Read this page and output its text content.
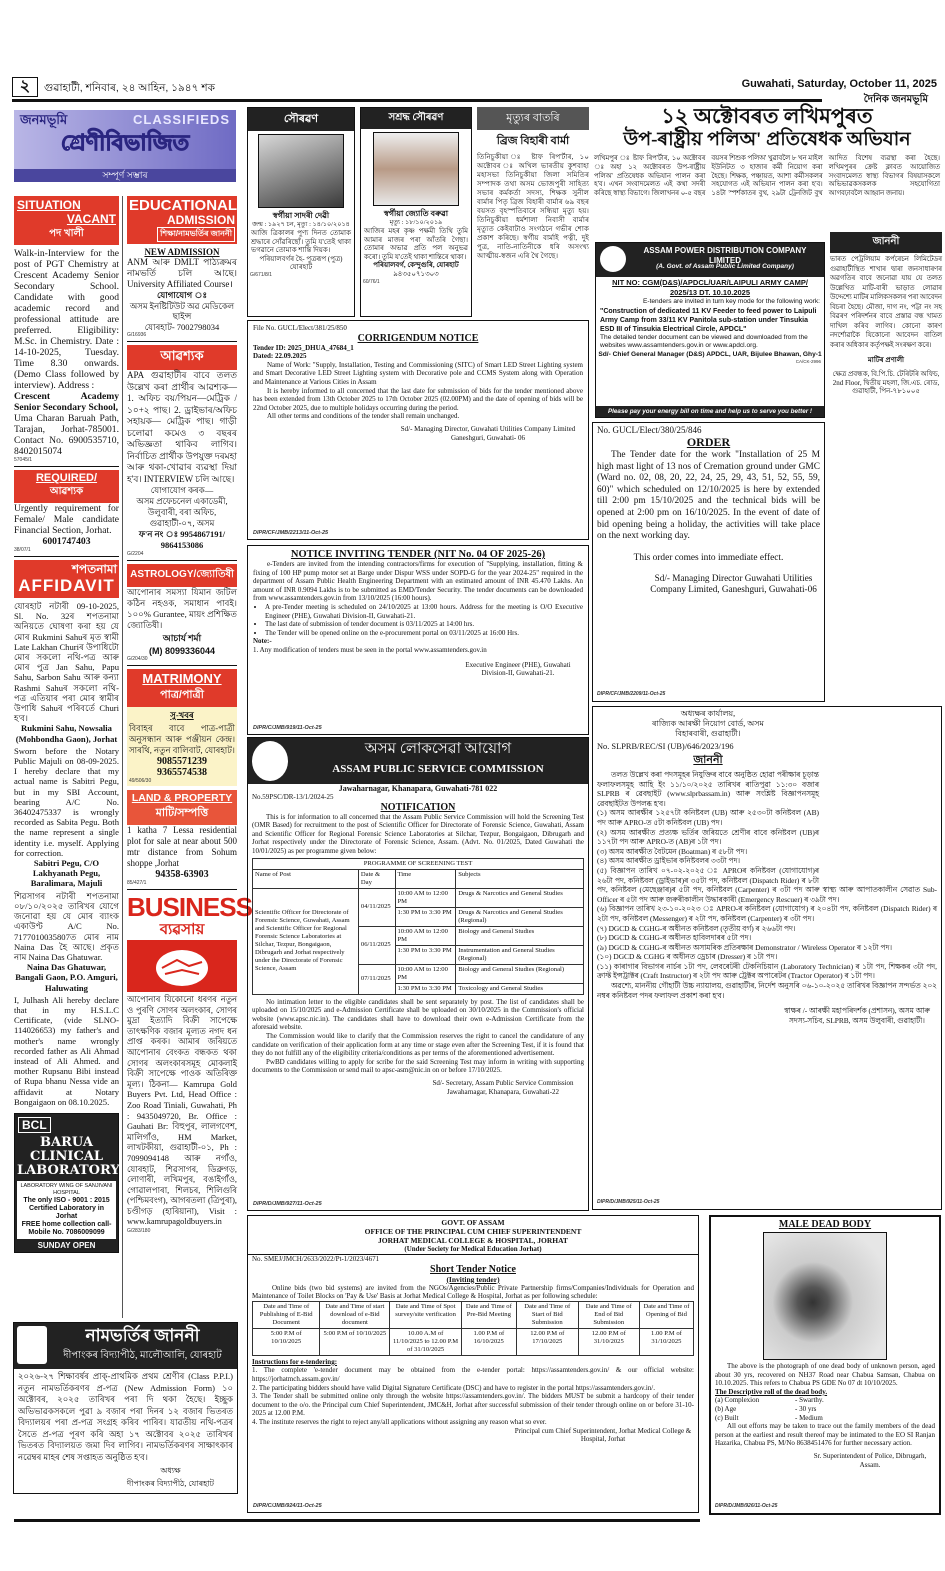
২	গুৱাহাটী, শনিবাৰ, ২৪ আহিন, ১৯৪৭ শক	Guwahati, Saturday, October 11, 2025
দৈনিক জনমভূমি
জনমভূমি	CLASSIFIEDS
শ্ৰেণীবিভাজিত
সম্পূৰ্ণ সম্ভাৰ
SITUATION
VACANT
পদ খালী
Walk-in-Interview for the post of PGT Chemistry at Crescent Academy Senior Secondary School. Candidate with good academic record and professional attitude are preferred. Eligibility: M.Sc. in Chemistry. Date : 14-10-2025, Tuesday. Time 8.30 onwards. (Demo Class followed by interview). Address :
Crescent Academy Senior Secondary School,
Uma Charan Baruah Path, Tarajan, Jorhat-785001. Contact No. 6900535710, 8402015074
57045/1
REQUIRED/
আৱশ্যক
Urgently requirement for Female/ Male candidate Financial Section, Jorhat.
6001747403
38/07/1
শপতনামা
AFFIDAVIT

যোৰহাট নটাৰী 09-10-2025, Sl. No. 32ৰ শপতনামা অনিয়তে ঘোষণা কৰা হয় যে মোৰ Rukmini Sahuৰ মৃত স্বামী Late Lakhan Churiৰ উপাধিটো মোৰ সকলো নথি-পত্ৰ আৰু মোৰ পুত্ৰ Jan Sahu, Papu Sahu, Sarbon Sahu আৰু কন্যা Rashmi Sahuৰ সকলো নথি-পত্ৰ এতিয়াৰ পৰা মোৰ স্বামীৰ উপাধি Sahuৰ পৰিবৰ্তে Churi হ'ব।

Rukmini Sahu, Nowsalia (Mohbondha Gaon), Jorhat

Sworn before the Notary Public Majuli on 08-09-2025. I hereby declare that my actual name is Sabitri Pegu, but in my SBI Account, bearing A/C No. 36402475337 is wrongly recorded as Sabita Pegu. Both the name represent a single identity i.e. myself. Applying for correction.

Sabitri Pegu, C/O Lakhyanath Pegu, Baralimara, Majuli

শিৱসাগৰ নটাৰী শপতনামা ০৮/১০/২০২৫ তাৰিখৰ যোগে জনোৱা হয় যে মোৰ ব্যাংক একাউণ্ট A/C No. 7177010035807ত মোৰ নাম Naina Das হৈ আছে। প্ৰকৃত নাম Naina Das Ghatuwar.

Naina Das Ghatuwar, Bangali Gaon, P.O. Amguri, Haluwating

I, Julhash Ali hereby declare that in my H.S.L.C Certificate, (vide SLNO-114026653) my father's and mother's name wrongly recorded father as Ali Ahmad instead of Ali Ahmed. and mother Rupsanu Bibi instead of Rupa bhanu Nessa vide an affidavit at Notary Bongaigaon on 08.10.2025.

BCL
BARUA CLINICAL LABORATORY
LABORATORY WING OF SANJIVANI HOSPITAL
The only ISO - 9001 : 2015 Certified Laboratory in Jorhat
FREE home collection call- Mobile No. 7086009099
SUNDAY OPEN
EDUCATIONAL
ADMISSION
শিক্ষা/নামভৰ্তিৰ জাননী
NEW ADMISSION
ANM আৰু DMLT পাঠ্যক্ৰমৰ নামভৰ্তি চলি আছে। University Affiliated Course।
যোগাযোগ ঃ
অসম ইনষ্টিটিউট অৱ মেডিকেল ছাইন্স
যোৰহাট- 7002798034
G/16936
আৱশ্যক
APA গুৱাহাটীৰ বাবে তলত উল্লেখ কৰা প্ৰাৰ্থীৰ আৱশ্যক— 1. অফিচ বয়/পিয়ন—মেট্ৰিক /১০+২ পাছ। 2. ড্ৰাইভাৰ/অফিচ সহায়ক— মেট্ৰিক পাছ। গাড়ী চলোৱা কমেও ৩ বছৰৰ অভিজ্ঞতা থাকিব লাগিব। নিৰ্বাচিত প্ৰাৰ্থীক উপযুক্ত দৰমহা আৰু থকা-খোৱাৰ ব্যৱস্থা দিয়া হ'ব। INTERVIEW চলি আছে।
যোগাযোগ কৰক—
অসম প্ৰফেচনেল একাডেমী, উলুবাৰী, বৰা অফিচ, গুৱাহাটী-০৭, অসম
ফ'ন নং ঃ 9954867191/ 9864153086
G/2204
ASTROLOGY/জ্যোতিষী
আপোনাৰ সমস্যা যিমান জটিল কঠিন নহওক, সমাধান পাবই। ১০০% Gurantee, মায়ং প্ৰশিক্ষিত জ্যোতিষী।
আচাৰ্য শৰ্মা
(M) 8099336044
G/204/30
MATRIMONY
পাত্ৰ/পাত্ৰী
সু-খবৰ
বিবাহৰ বাবে পাত্ৰ-পাত্ৰী অনুসন্ধান আৰু পঞ্জীয়ন কেন্দ্ৰ। সাৰথি, নতুন বালিবাট, যোৰহাট।
9085571239
9365574538
49/506/30
LAND & PROPERTY
মাটি/সম্পত্তি
1 katha 7 Lessa residential plot for sale at near about 500 mtr distance from Sohum shoppe ,Jorhat
94358-63903
85/427/1
BUSINESS
ব্যৱসায়
আপোনাৰ যিকোনো ধৰণৰ নতুন ও পুৰণি সোণৰ অলংকাৰ, সোণৰ মুদ্ৰা ইত্যাদি বিক্ৰী সাপেক্ষে তাৎক্ষণিক বজাৰ মূল্যত নগদ ধন প্ৰাপ্ত কৰক। আমাৰ জৰিয়তে আপোনাৰ বেংকত বন্ধকত থকা সোণৰ অলংকাৰসমূহ মোকলাই বিক্ৰী সাপেক্ষে পাওক অতিৰিক্ত মূল্য। ঠিকনা— Kamrupa Gold Buyers Pvt. Ltd, Head Office : Zoo Road Tiniali, Guwahati, Ph : 9435049720, Br. Office : Gauhati Br: বিহুপুৰ, লালগণেশ, মালিগাঁও, HM Market, লাখটকীয়া, গুৱাহাটী-০১, Ph : 7099094148 আৰু নগাঁও, যোৰহাট, শিৱসাগৰ, ডিব্ৰুগড়, লোণাৰী, লখিমপুৰ, বঙাইগাঁও, গোৱালপাৰা, শিলচৰ, শিলিগুৰি (পশ্চিমবংগ), আগৰতলা (ত্ৰিপুৰা), চণ্ডীগড় (হাৰিয়ানা), Visit : www.kamrupagoldbuyers.in
G/283/180
নামভৰ্তিৰ জাননী
দীপাংকৰ বিদ্যাপীঠ, মালৌআলি, যোৰহাট
২০২৬-২৭ শিক্ষাবৰ্ষৰ প্ৰাক্-প্ৰাথমিক প্ৰথম শ্ৰেণীৰ (Class P.P.I.) নতুন নামভৰ্তিকৰণৰ প্ৰ-পত্ৰ (New Admission Form) ১০ অক্টোবৰ, ২০২৫ তাৰিখৰ পৰা দি থকা হৈছে। ইচ্ছুক অভিভাৱকসকলে পুৱা ৯ বজাৰ পৰা দিনৰ ১২ বজাৰ ভিতৰত বিদ্যালয়ৰ পৰা প্ৰ-পত্ৰ সংগ্ৰহ কৰিব পাৰিব। যাৱতীয় নথি-পত্ৰৰ সৈতে প্ৰ-পত্ৰ পূৰণ কৰি অহা ১৭ অক্টোবৰ ২০২৫ তাৰিখৰ ভিতৰত বিদ্যালয়ত জমা দিব লাগিব। নামভৰ্তিকৰণৰ সাক্ষাৎকাৰ নৱেম্বৰ মাহৰ শেষ সপ্তাহত অনুষ্ঠিত হ'ব।
অধ্যক্ষ
দীপাংকৰ বিদ্যাপীঠ, যোৰহাট
সৌৰৱণ
স্বৰ্গীয়া সাদৰী দেৱী
জন্ম : ১৯২৭ চন, মৃত্যু : ১৪/১০/২০১৪
আজি ত্ৰিকালৰ পুণ্য দিনত তোমাক শ্ৰদ্ধাৰে সোঁৱৰিছোঁ। তুমি য'তেই থাকা ভগৱানে তোমাক শান্তি দিয়ক।
পৰিয়ালবৰ্গৰ হৈ- পুত্ৰৰূপ (পুত্ৰ) যোৰহাট
G/671/8/1
সশ্ৰদ্ধ সৌৰৱণ
স্বৰ্গীয়া জ্যোতি বৰুৱা
মৃত্যু : ১৮/১০/২০১৯
আজিৰ মহৰ কৃষ্ণ পক্ষমী তিথি তুমি আমাৰ মাজৰ পৰা আঁতৰি গৈছা। তোমাৰ অভাৱ প্ৰতি পল অনুভৱ কৰো। তুমি য'তেই থাকা শান্তিৰে থাকা।
পৰিয়ালবৰ্গ, কেন্দুগুৰি, যোৰহাট
৯৪৩৫০৭১৩০৩
60/76/1
মৃত্যুৰ বাতৰি
ব্ৰিজ বিহাৰী বাৰ্মা
তিনিচুকীয়া ঃ ষ্টাফ ৰিপ'ৰ্টাৰ, ১০ অক্টোবৰ ঃ অখিল ভাৰতীয় কুশবাহা মহাসভা তিনিচুকীয়া জিলা সমিতিৰ সম্পাদক তথা অসম ভোজপুৰী সাহিত্য সভাৰ কৰ্মকৰ্তা সদস্য, শিক্ষক সুনীল বাৰ্মাৰ পিতৃ ব্ৰিজ বিহাৰী বাৰ্মাৰ ৬৯ বছৰ বয়সত বৃহস্পতিবাৰে সন্ধিয়া মৃত্যু হয়। তিনিচুকীয়া ধৰ্মশালা নিবাসী বাৰ্মাৰ মৃত্যুত কেইবাটাও সংগঠনে গভীৰ শোক প্ৰকাশ কৰিছে। স্বৰ্গীয় বাৰ্মাই পত্নী, দুই পুত্ৰ, নাতি-নাতিনীকে ধৰি অসংখ্য আত্মীয়-স্বজন এৰি থৈ গৈছে।
File No. GUCL/Elect/381/25/850
CORRIGENDUM NOTICE
Tender ID: 2025_DHUA_47684_1
Dated: 22.09.2025
Name of Work: "Supply, Installation, Testing and Commissioning (SITC) of Smart LED Street Lighting system and Smart Decorative LED Street Lighting system with Decorative pole and CCMS System along with Operation and Maintenance at Various Cities in Assam
It is hereby informed to all concerned that the last date for submission of bids for the tender mentioned above has been extended from 13th October 2025 to 17th October 2025 (02.00PM) and the date of opening of bids will be 22nd October 2025, due to multiple holidays occurring during the period.
All other terms and conditions of the tender shall remain unchanged.
Sd/- Managing Director, Guwahati Utilities Company Limited Ganeshguri, Guwahati- 06
DIPR/CF/JMB/2213/11-Oct-25
NOTICE INVITING TENDER (NIT No. 04 OF 2025-26)
e-Tenders are invited from the intending contractors/firms for execution of "Supplying, installation, fitting & fixing of 100 HP pump motor set at Barge under Dispur WSS under SOPD-G for the year 2024-25" required in the department of Assam Public Health Engineering Department with an estimated amount of INR 45.470 Lakhs. An amount of INR 0.9094 Lakhs is to be submitted as EMD/Tender Security. The tender documents can be downloaded from www.assamtenders.gov.in from 13/10/2025 (16:00 hours).
• A pre-Tender meeting is scheduled on 24/10/2025 at 13:00 hours. Address for the meeting is O/O Executive Engineer (PHE), Guwahati Division-II, Guwahati-21.
• The last date of submission of tender document is 03/11/2025 at 14:00 hrs.
• The Tender will be opened online on the e-procurement portal on 03/11/2025 at 16:00 Hrs.
Note:-
1. Any modification of tenders must be seen in the portal www.assamtenders.gov.in
Executive Engineer (PHE), Guwahati Division-II, Guwahati-21.
DIPR/C/JMB/919/11-Oct-25
অসম লোকসেৱা আয়োগ
ASSAM PUBLIC SERVICE COMMISSION
Jawaharnagar, Khanapara, Guwahati-781 022
No.59PSC/DR-13/1/2024-25
NOTIFICATION
This is for information to all concerned that the Assam Public Service Commission will hold the Screening Test (OMR Based) for recruitment to the post of Scientific Officer for Directorate of Forensic Science, Guwahati, Assam and Scientific Officer for Regional Forensic Science Laboratories at Silchar, Tezpur, Bongaigaon, Dibrugarh and Jorhat respectively under the Directorate of Forensic Science, Assam. (Advt. No. 01/2025, Dated Guwahati the 10/01/2025) as per programme given below:
PROGRAMME OF SCREENING TEST			
Name of Post	Date & Day	Time	Subjects
Scientific Officer for Directorate of Forensic Science, Guwahati, Assam and Scientific Officer for Regional Forensic Science Laboratories at Silchar, Tezpur, Bongaigaon, Dibrugarh and Jorhat respectively under the Directorate of Forensic Science, Assam	04/11/2025	10:00 AM to 12:00 PM	Drugs & Narcotics and General Studies
		1:30 PM to 3:30 PM	Drugs & Narcotics and General Studies (Regional)
	06/11/2025	10:00 AM to 12:00 PM	Biology and General Studies
		1:30 PM to 3:30 PM	Instrumentation and General Studies (Regional)
	07/11/2025	10:00 AM to 12:00 PM	Biology and General Studies (Regional)
		1:30 PM to 3:30 PM	Toxicology and General Studies
No intimation letter to the eligible candidates shall be sent separately by post. The list of candidates shall be uploaded on 15/10/2025 and e-Admission Certificate shall be uploaded on 30/10/2025 in the Commission's official website (www.apsc.nic.in). The candidates shall have to download their own e-Admission Certificate from the aforesaid website.
The Commission would like to clarify that the Commission reserves the right to cancel the candidature of any candidate on verification of their application form at any time or stage even after the Screening Test, if it is found that they do not fulfill any of the eligibility criteria/conditions as per terms of the aforementioned advertisement.
PwBD candidates willing to apply for scribe for the said Screening Test may inform in writing with supporting documents to the Commission or send mail to apsc-asm@nic.in on or before 17/10/2025.
Sd/- Secretary, Assam Public Service Commission Jawaharnagar, Khanapara, Guwahati-22
DIPR/D/JMB/927/11-Oct-25
GOVT. OF ASSAM
OFFICE OF THE PRINCIPAL CUM CHIEF SUPERINTENDENT
JORHAT MEDICAL COLLEGE & HOSPITAL, JORHAT
(Under Society for Medical Education Jorhat)
No. SMEJ/JMCH/2633/2022/Pt-1/2023/4671
Short Tender Notice
(Inviting tender)
Online bids (two bid systems) are invited from the NGOs/Agencies/Public Private Partnership firms/Companies/Individuals for Operation and Maintenance of Toilet Blocks on 'Pay & Use' Basis at Jorhat Medical College & Hospital, Jorhat as per following schedule:
Date and Time of Publishing of E-Bid Document	Date and Time of start download of e-Bid document	Date and Time of Spot survey/site verification	Date and Time of Pre-Bid Meeting	Date and Time of Start of Bid Submission	Date and Time of End of Bid Submission	Date and Time of Opening of Bid
5:00 P.M of 10/10/2025	5:00 P.M of 10/10/2025	10.00 A.M of 11/10/2025 to 12.00 P.M of 31/10/2025	1.00 P.M of 16/10/2025	12.00 P.M of 17/10/2025	12.00 P.M of 31/10/2025	1.00 P.M of 31/10/2025
Instructions for e-tendering:
1. The complete 'e-tender document may be obtained from the e-tender portal: https://assamtenders.gov.in/ & our official website: https://jorhatmch.assam.gov.in/
2. The participating bidders should have valid Digital Signature Certificate (DSC) and have to register in the portal https://assamtenders.gov.in/.
3. The Tender shall be submitted online only through the website https://assamtenders.gov.in/. The bidders MUST be submit a hardcopy of their tender document to the o/o. the Principal cum Chief Superintendent, JMC&H, Jorhat after successful submission of their tender through online on or before 31-10-2025 at 12.00 P.M.
4. The institute reserves the right to reject any/all applications without assigning any reason what so ever.
Principal cum Chief Superintendent, Jorhat Medical College & Hospital, Jorhat
DIPR/C/JMB/924/11-Oct-25
১২ অক্টোবৰত লখিমপুৰত
উপ-ৰাষ্ট্ৰীয় পলিঅ' প্ৰতিষেধক অভিযান
লখিমপুৰ ঃ ষ্টাফ ৰিপ'ৰ্টাৰ, ১০ অক্টোবৰ ঃ অহা ১২ অক্টোবৰত উপ-ৰাষ্ট্ৰীয় পলিঅ' প্ৰতিষেধক অভিযান পালন কৰা হ'ব। এখন সংবাদমেলত এই কথা সদৰী কৰিছে স্বাস্থ্য বিভাগে। জিলাখনৰ ০-৫ বছৰ বয়সৰ শিশুক পলিঅ' খুৱাবলৈ ৮ খন মাইল ইউনিটত ৩ হাজাৰ কৰ্মী নিয়োগ কৰা হৈছে। শিক্ষক, পঞ্চায়ত, আশা কৰ্মীসকলৰ সহযোগত এই অভিযান পালন কৰা হ'ব। ১৪টা স্পৰ্শকাতৰ বুথ, ২৯টা ট্ৰেনজিট বুথ আদিত বিশেষ ব্যৱস্থা কৰা হৈছে। লখিমপুৰৰ ক্ৰেষ্ট ক্লাবত আয়োজিত সংবাদমেলত স্বাস্থ্য বিভাগৰ বিষয়াসকলে অভিভাৱকসকলক সহযোগিতা আগবঢ়াবলৈ আহ্বান জনায়।
ASSAM POWER DISTRIBUTION COMPANY LIMITED
(A. Govt. of Assam Public Limited Company)
NIT NO: CGM(D&S)/APDCL/UAR/LAIPULI ARMY CAMP/ 2025/13 DT. 10.10.2025
E-tenders are invited in turn key mode for the following work:
"Construction of dedicated 11 KV Feeder to feed power to Laipuli Army Camp from 33/11 KV Panitola sub-station under Tinsukia ESD III of Tinsukia Electrical Circle, APDCL"
The detailed tender document can be viewed and downloaded from the websites www.assamtenders.gov.in or www.apdcl.org.
Sd/- Chief General Manager (D&S) APDCL, UAR, Bijulee Bhawan, Ghy-1
CA/CK-2996
Please pay your energy bill on time and help us to serve you better !
No. GUCL/Elect/380/25/846
ORDER
The Tender date for the work "Installation of 25 M high mast light of 13 nos of Cremation ground under GMC (Ward no. 02, 08, 20, 22, 24, 25, 29, 43, 51, 52, 55, 59, 60)" which scheduled on 12/10/2025 is here by extended till 2:00 pm 15/10/2025 and the technical bids will be opened at 2:00 pm on 16/10/2025. In the event of date of bid opening being a holiday, the activities will take place on the next working day.
This order comes into immediate effect.
Sd/- Managing Director Guwahati Utilities Company Limited, Ganeshguri, Guwahati-06
DIPR/CF/JMB/2209/11-Oct-25
জাননী
ভাৰত পেট্ৰলিয়াম কৰ্পৰেচন লিমিটেডৰ গুৱাহাটীস্থিত শাখাৰ দ্বাৰা জনসাধাৰণৰ অৱগতিৰ বাবে জনোৱা যায় যে তলত উল্লেখিত মাটি-বাৰী ভাড়াত লোৱাৰ উদ্দেশ্যে মাটিৰ মালিকসকলৰ পৰা আবেদন বিচৰা হৈছে। মৌজা, দাগ নং, পট্টা নং সহ বিৱৰণ পৰিদৰ্শনৰ বাবে প্ৰস্তাৱ বন্ধ খামত দাখিল কৰিব লাগিব। কোনো কাৰণ নদৰ্শোৱাকৈ যিকোনো আবেদন বাতিল কৰাৰ অধিকাৰ কৰ্তৃপক্ষই সংৰক্ষণ কৰে।
মাটিৰ প্ৰণালী
ক্ষেত্ৰ প্ৰবন্ধক, বি.পি.চি. টেৰিটৰি অফিচ, 2nd Floor, দ্বিতীয় মহলা, জি.এচ. ৰোড, গুৱাহাটী, পিন-৭৮১০০৫
অধ্যক্ষৰ কাৰ্যালয়,
ৰাজ্যিক আৰক্ষী নিয়োগ বোৰ্ড, অসম
বিহাৰবাৰী, গুৱাহাটী।
No. SLPRB/REC/SI (UB)/646/2023/196
জাননী
তলত উল্লেখ কৰা পদসমূহৰ নিযুক্তিৰ বাবে অনুষ্ঠিত হোৱা পৰীক্ষাৰ চূড়ান্ত ফলাফলসমূহ আহি ইং ১১/১০/২০২৫ তাৰিখৰ ৰাতিপুৱা ১১:৩০ বজাৰ SLPRB ৰ ৱেবছাইট (www.slprbassam.in) আৰু সংশ্লিষ্ট বিজ্ঞাপনসমূহ ৱেবছাইটত উপলব্ধ হ'ব।
(১) অসম আৰক্ষীৰ ১২৫৭টা কনিষ্টবল (UB) আৰু ২৫৩০টা কনিষ্টবল (AB) পদ আৰু APRO-ত ৫টা কনিষ্টবল (UB) পদ।
(২) অসম আৰক্ষীত প্ৰত্যক্ষ ভৰ্তিৰ জৰিয়তে শ্ৰেণীৰ বাবে কনিষ্টবল (UB)ৰ ১১৭টা পদ আৰু APRO-ত (AB)ৰ ১টা পদ।
(৩) অসম আৰক্ষীত বৈটমেন (Boatman) ৰ ৫৮টা পদ।
(৪) অসম আৰক্ষীত ড্ৰাইভাৰ কনিষ্টবলৰ ৩৩টা পদ।
(৫) বিজ্ঞাপন তাৰিখ ০৭-০২-২০২৫ ঃ APROৰ কনিষ্টবল (যোগাযোগ)ৰ ২৬টা পদ, কনিষ্টবল (ড্ৰাইভাৰ)ৰ ৩৫টা পদ, কনিষ্টবল (Dispatch Rider) ৰ ৮টা পদ, কনিষ্টবল (মেছেঞ্জাৰ)ৰ ৫টা পদ, কনিষ্টবল (Carpenter) ৰ ৩টা পদ আৰু স্বাস্থ্য আৰু আপাতকালীন সেৱাত Sub-Officer ৰ ৫টা পদ আৰু জৰুৰীকালীন উদ্ধাৰকাৰী (Emergency Rescuer) ৰ ৩৯টা পদ।
(৬) বিজ্ঞাপন তাৰিখ ২৩-১০-২০২৩ ঃ APRO-ৰ কনিষ্টবল (যোগাযোগ) ৰ ২০৪টা পদ, কনিষ্টবল (Dispatch Rider) ৰ ২টা পদ, কনিষ্টবল (Messenger) ৰ ২টা পদ, কনিষ্টবল (Carpenter) ৰ ৩টা পদ।
(৭) DGCD & CGHG-ৰ অধীনত কনিষ্টবল (তৃতীয় বৰ্গ) ৰ ২৬৬টা পদ।
(৮) DGCD & CGHG-ৰ অধীনত হাবিলদাৰৰ ৫টা পদ।
(৯) DGCD & CGHG-ৰ অধীনত অসামৰিক প্ৰতিৰক্ষাৰ Demonstrator / Wireless Operator ৰ ১২টা পদ।
(১০) DGCD & CGHG ৰ অধীনত ড্ৰেচাৰ (Dresser) ৰ ১টা পদ।
(১১) কাৰাগাৰ বিভাগৰ নাৰ্চৰ ১টা পদ, লেবৰেটৰী টেকনিচিয়ান (Laboratory Technician) ৰ ১টা পদ, শিক্ষকৰ ৩টা পদ, ক্ৰাফ্ট ইন্সট্ৰাক্টৰ (Craft Instructor) ৰ ২টা পদ আৰু ট্ৰেক্টৰ অপাৰেটৰ (Tractor Operator) ৰ ১টা পদ।
অৱশ্যে, মাননীয় গৌহাটী উচ্চ ন্যায়ালয়, গুৱাহাটীৰ, নিৰ্দেশ অনুসৰি ০৬-১০-২০২৫ তাৰিখৰ বিজ্ঞাপন সন্দৰ্ভত ২০২ নম্বৰ কনিষ্টবল পদৰ ফলাফল প্ৰকাশ কৰা হ'ব।
স্বাক্ষৰ /- আৰক্ষী মহাপৰিদৰ্শক (প্ৰশাসন), অসম আৰু সদস্য-সচিব, SLPRB, অসম উলুবাৰী, গুৱাহাটী।
DIPR/D/JMB/925/11-Oct-25
MALE DEAD BODY
The above is the photograph of one dead body of unknown person, aged about 30 yrs, recovered on NH37 Road near Chabua Samsan, Chabua on 10.10.2025. This refers to Chabua PS GDE No 07 dt 10/10/2025.
The Descriptive roll of the dead body.
(a) Complexion	- Swarthy.
(b) Age	- 30 yrs
(c) Built	- Medium
All out efforts may be taken to trace out the family members of the dead person at the earliest and result thereof may be intimated to the EO SI Ranjan Hazarika, Chabua PS, M/No 8638451476 for further necessary action.
Sr. Superintendent of Police, Dibrugarh, Assam.
DIPR/D/JMB/926/11-Oct-25
